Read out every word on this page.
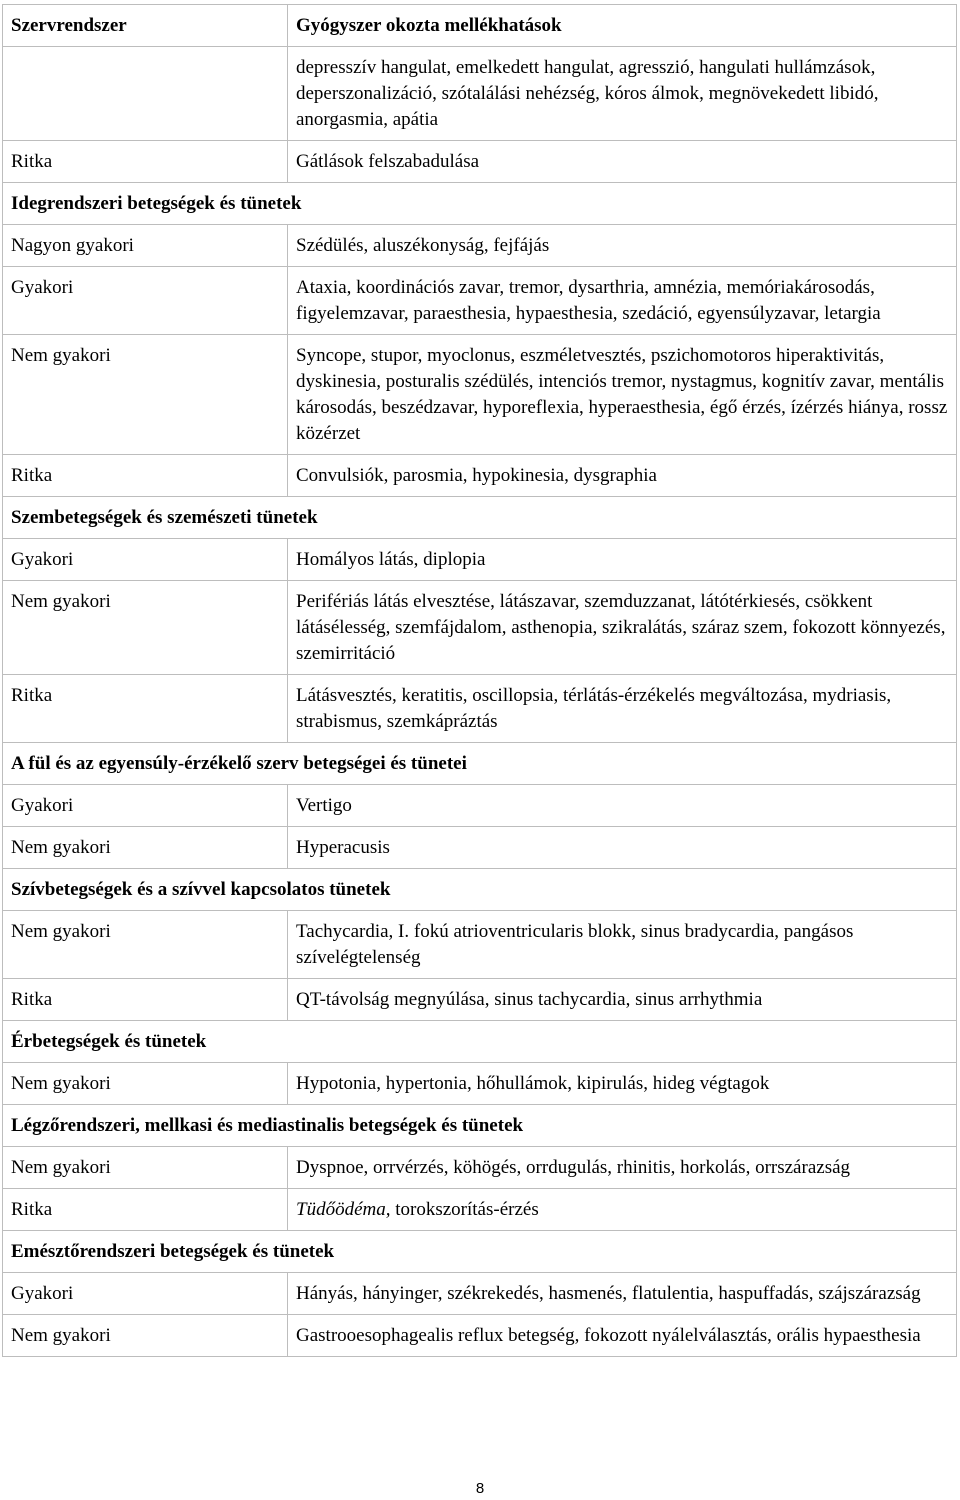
Szervrendszer	Gyógyszer okozta mellékhatások
	depresszív hangulat, emelkedett hangulat, agresszió, hangulati hullámzások, deperszonalizáció, szótalálási nehézség, kóros álmok, megnövekedett libidó, anorgasmia, apátia
Ritka	Gátlások felszabadulása
Idegrendszeri betegségek és tünetek	
Nagyon gyakori	Szédülés, aluszékonyság, fejfájás
Gyakori	Ataxia, koordinációs zavar, tremor, dysarthria, amnézia, memóriakárosodás, figyelemzavar, paraesthesia, hypaesthesia, szedáció, egyensúlyzavar, letargia
Nem gyakori	Syncope, stupor, myoclonus, eszméletvesztés, pszichomotoros hiperaktivitás, dyskinesia, posturalis szédülés, intenciós tremor, nystagmus, kognitív zavar, mentális károsodás, beszédzavar, hyporeflexia, hyperaesthesia, égő érzés, ízérzés hiánya, rossz közérzet
Ritka	Convulsiók, parosmia, hypokinesia, dysgraphia
Szembetegségek és szemészeti tünetek	
Gyakori	Homályos látás, diplopia
Nem gyakori	Perifériás látás elvesztése, látászavar, szemduzzanat, látótérkiesés, csökkent látásélesség, szemfájdalom, asthenopia, szikralátás, száraz szem, fokozott könnyezés, szemirritáció
Ritka	Látásvesztés, keratitis, oscillopsia, térlátás-érzékelés megváltozása, mydriasis, strabismus, szemkápráztás
A fül és az egyensúly-érzékelő szerv betegségei és tünetei	
Gyakori	Vertigo
Nem gyakori	Hyperacusis
Szívbetegségek és a szívvel kapcsolatos tünetek	
Nem gyakori	Tachycardia, I. fokú atrioventricularis blokk, sinus bradycardia, pangásos szívelégtelenség
Ritka	QT-távolság megnyúlása, sinus tachycardia, sinus arrhythmia
Érbetegségek és tünetek	
Nem gyakori	Hypotonia, hypertonia, hőhullámok, kipirulás, hideg végtagok
Légzőrendszeri, mellkasi és mediastinalis betegségek és tünetek	
Nem gyakori	Dyspnoe, orrvérzés, köhögés, orrdugulás, rhinitis, horkolás, orrszárazság
Ritka	Tüdőödéma, torokszorítás-érzés
Emésztőrendszeri betegségek és tünetek	
Gyakori	Hányás, hányinger, székrekedés, hasmenés, flatulentia, haspuffadás, szájszárazság
Nem gyakori	Gastrooesophagealis reflux betegség, fokozott nyálelválasztás, orális hypaesthesia
8
